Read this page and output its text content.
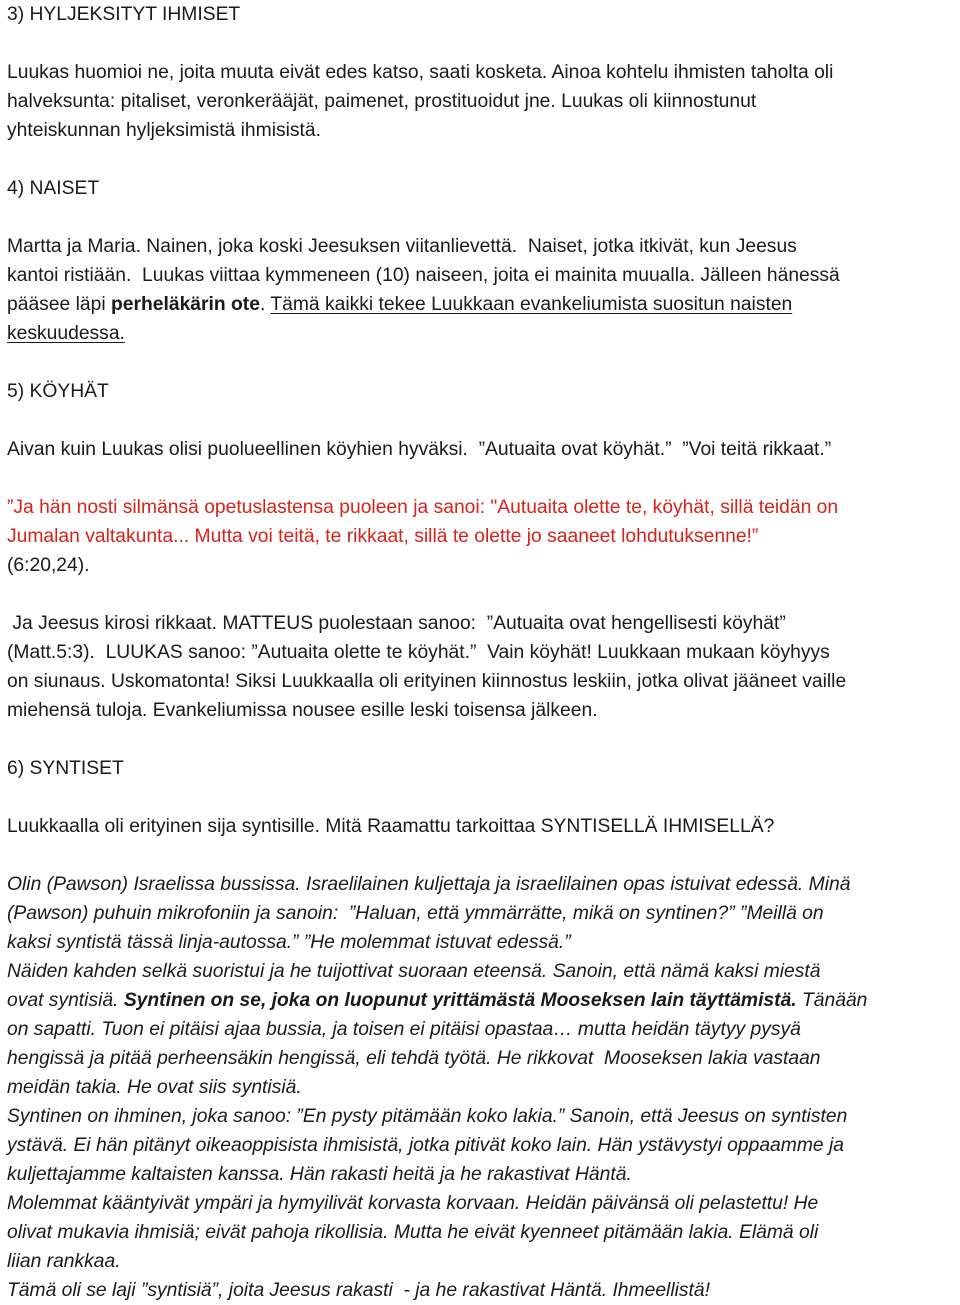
3) HYLJEKSITYT IHMISET
Luukas huomioi ne, joita muuta eivät edes katso, saati kosketa. Ainoa kohtelu ihmisten taholta oli
halveksunta: pitaliset, veronkerääjät, paimenet, prostituoidut jne. Luukas oli kiinnostunut
yhteiskunnan hyljeksimistä ihmisistä.
4) NAISET
Martta ja Maria. Nainen, joka koski Jeesuksen viitanlievettä.  Naiset, jotka itkivät, kun Jeesus
kantoi ristiään.  Luukas viittaa kymmeneen (10) naiseen, joita ei mainita muualla. Jälleen hänessä
pääsee läpi perheläkärin ote. Tämä kaikki tekee Luukkaan evankeliumista suositun naisten
keskuudessa.
5) KÖYHÄT
Aivan kuin Luukas olisi puolueellinen köyhien hyväksi.  ”Autuaita ovat köyhät.”  ”Voi teitä rikkaat.”
”Ja hän nosti silmänsä opetuslastensa puoleen ja sanoi: "Autuaita olette te, köyhät, sillä teidän on
Jumalan valtakunta... Mutta voi teitä, te rikkaat, sillä te olette jo saaneet lohdutuksenne!”
(6:20,24).
Ja Jeesus kirosi rikkaat. MATTEUS puolestaan sanoo:  ”Autuaita ovat hengellisesti köyhät”
(Matt.5:3).  LUUKAS sanoo: ”Autuaita olette te köyhät.”  Vain köyhät! Luukkaan mukaan köyhyys
on siunaus. Uskomatonta! Siksi Luukkaalla oli erityinen kiinnostus leskiin, jotka olivat jääneet vaille
miehensä tuloja. Evankeliumissa nousee esille leski toisensa jälkeen.
6) SYNTISET
Luukkaalla oli erityinen sija syntisille. Mitä Raamattu tarkoittaa SYNTISELLÄ IHMISELLÄ?
Olin (Pawson) Israelissa bussissa. Israelilainen kuljettaja ja israelilainen opas istuivat edessä. Minä
(Pawson) puhuin mikrofoniin ja sanoin:  ”Haluan, että ymmärrätte, mikä on syntinen?” ”Meillä on
kaksi syntistä tässä linja-autossa.” ”He molemmat istuvat edessä.”
Näiden kahden selkä suoristui ja he tuijottivat suoraan eteensä. Sanoin, että nämä kaksi miestä
ovat syntisiä. Syntinen on se, joka on luopunut yrittämästä Mooseksen lain täyttämistä. Tänään
on sapatti. Tuon ei pitäisi ajaa bussia, ja toisen ei pitäisi opastaa… mutta heidän täytyy pysyä
hengissä ja pitää perheensäkin hengissä, eli tehdä työtä. He rikkovat  Mooseksen lakia vastaan
meidän takia. He ovat siis syntisiä.
Syntinen on ihminen, joka sanoo: ”En pysty pitämään koko lakia.” Sanoin, että Jeesus on syntisten
ystävä. Ei hän pitänyt oikeaoppisista ihmisistä, jotka pitivät koko lain. Hän ystävystyi oppaamme ja
kuljettajamme kaltaisten kanssa. Hän rakasti heitä ja he rakastivat Häntä.
Molemmat kääntyivät ympäri ja hymyilivät korvasta korvaan. Heidän päivänsä oli pelastettu! He
olivat mukavia ihmisiä; eivät pahoja rikollisia. Mutta he eivät kyenneet pitämään lakia. Elämä oli
liian rankkaa.
Tämä oli se laji ”syntisiä”, joita Jeesus rakasti  - ja he rakastivat Häntä. Ihmeellistä!
